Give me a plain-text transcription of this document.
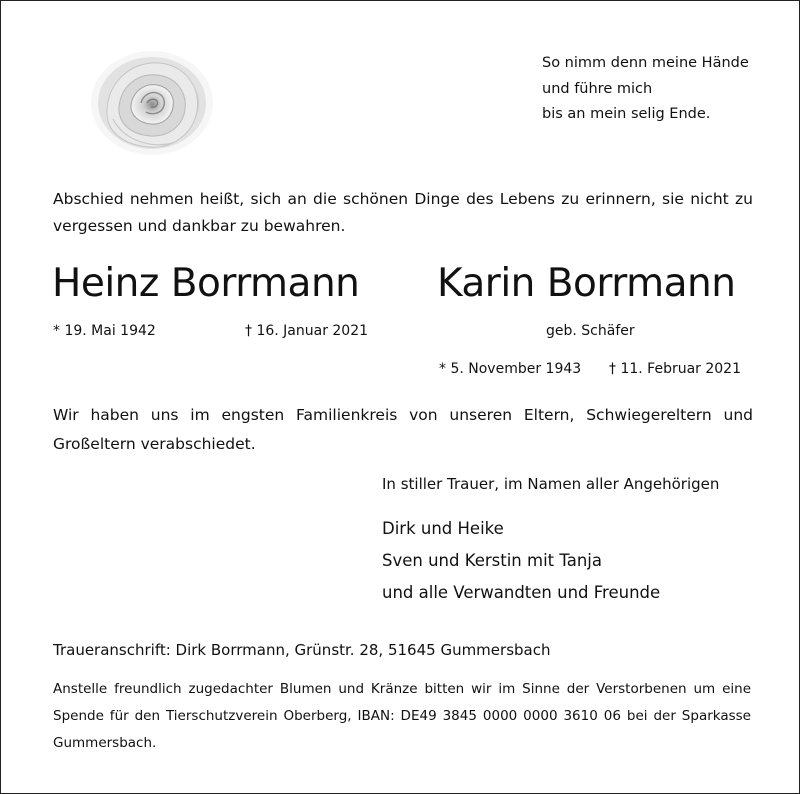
So nimm denn meine Hände
und führe mich
bis an mein selig Ende.
Abschied nehmen heißt, sich an die schönen Dinge des Lebens zu erinnern, sie nicht zu vergessen und dankbar zu bewahren.
Heinz Borrmann Karin Borrmann
* 19. Mai 1942	† 16. Januar 2021	geb. Schäfer
* 5. November 1943 † 11. Februar 2021
Wir haben uns im engsten Familienkreis von unseren Eltern, Schwiegereltern und Großeltern verabschiedet.
In stiller Trauer, im Namen aller Angehörigen
Dirk und Heike
Sven und Kerstin mit Tanja
und alle Verwandten und Freunde
Traueranschrift: Dirk Borrmann, Grünstr. 28, 51645 Gummersbach
Anstelle freundlich zugedachter Blumen und Kränze bitten wir im Sinne der Verstorbenen um eine Spende für den Tierschutzverein Oberberg, IBAN: DE49 3845 0000 0000 3610 06 bei der Sparkasse Gummersbach.
